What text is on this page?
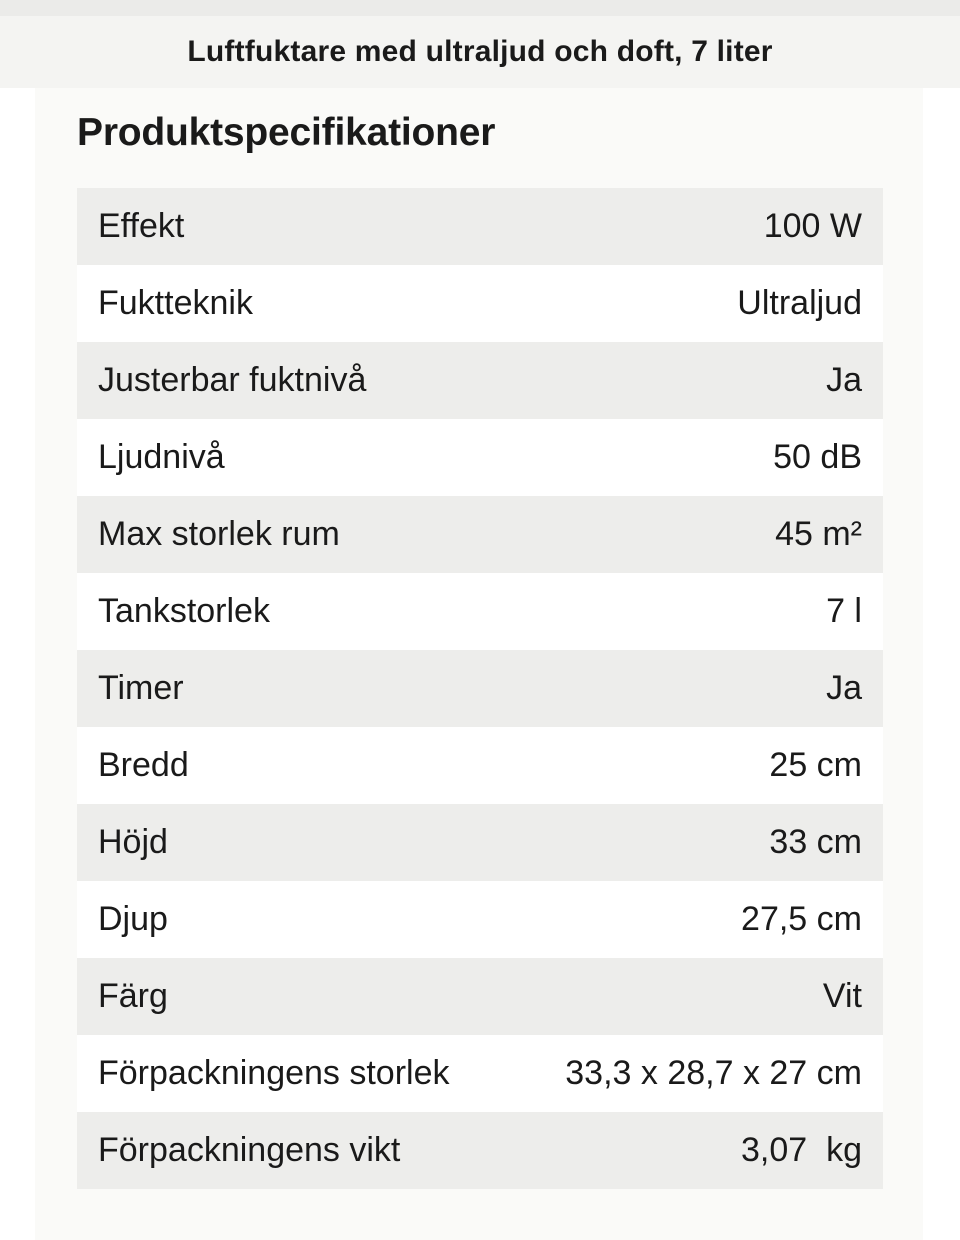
Luftfuktare med ultraljud och doft, 7 liter
Produktspecifikationer
Effekt	100 W
Fuktteknik	Ultraljud
Justerbar fuktnivå	Ja
Ljudnivå	50 dB
Max storlek rum	45 m²
Tankstorlek	7 l
Timer	Ja
Bredd	25 cm
Höjd	33 cm
Djup	27,5 cm
Färg	Vit
Förpackningens storlek	33,3 x 28,7 x 27 cm
Förpackningens vikt	3,07  kg
